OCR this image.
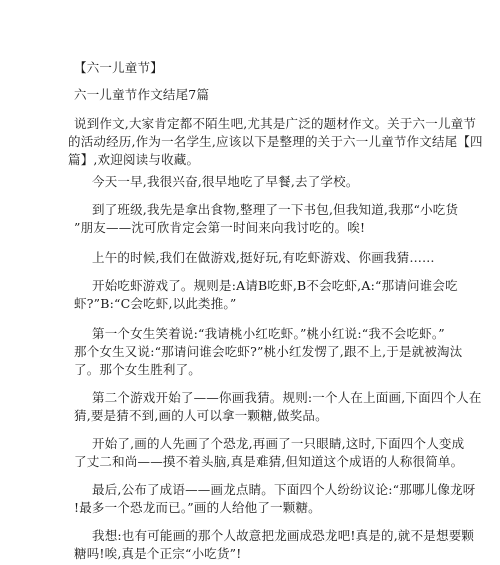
【六一儿童节】
六一儿童节作文结尾7篇
说到作文,大家肯定都不陌生吧,尤其是广泛的题材作文。关于六一儿童节
的活动经历,作为一名学生,应该以下是整理的关于六一儿童节作文结尾【四
篇】,欢迎阅读与收藏。
今天一早,我很兴奋,很早地吃了早餐,去了学校。
到了班级,我先是拿出食物,整理了一下书包,但我知道,我那“小吃货
”朋友——沈可欣肯定会第一时间来向我讨吃的。唉!
上午的时候,我们在做游戏,挺好玩,有吃虾游戏、你画我猜……
开始吃虾游戏了。规则是:A请B吃虾,B不会吃虾,A:“那请问谁会吃
虾?”B:“C会吃虾,以此类推。”
第一个女生笑着说:“我请桃小红吃虾。”桃小红说:“我不会吃虾。”
那个女生又说:“那请问谁会吃虾?”桃小红发愣了,跟不上,于是就被淘汰
了。那个女生胜利了。
第二个游戏开始了——你画我猜。规则:一个人在上面画,下面四个人在
猜,要是猜不到,画的人可以拿一颗糖,做奖品。
开始了,画的人先画了个恐龙,再画了一只眼睛,这时,下面四个人变成
了丈二和尚——摸不着头脑,真是难猜,但知道这个成语的人称很简单。
最后,公布了成语——画龙点睛。下面四个人纷纷议论:“那哪儿像龙呀
!最多一个恐龙而已。”画的人给他了一颗糖。
我想:也有可能画的那个人故意把龙画成恐龙吧!真是的,就不是想要颗
糖吗!唉,真是个正宗“小吃货”!
